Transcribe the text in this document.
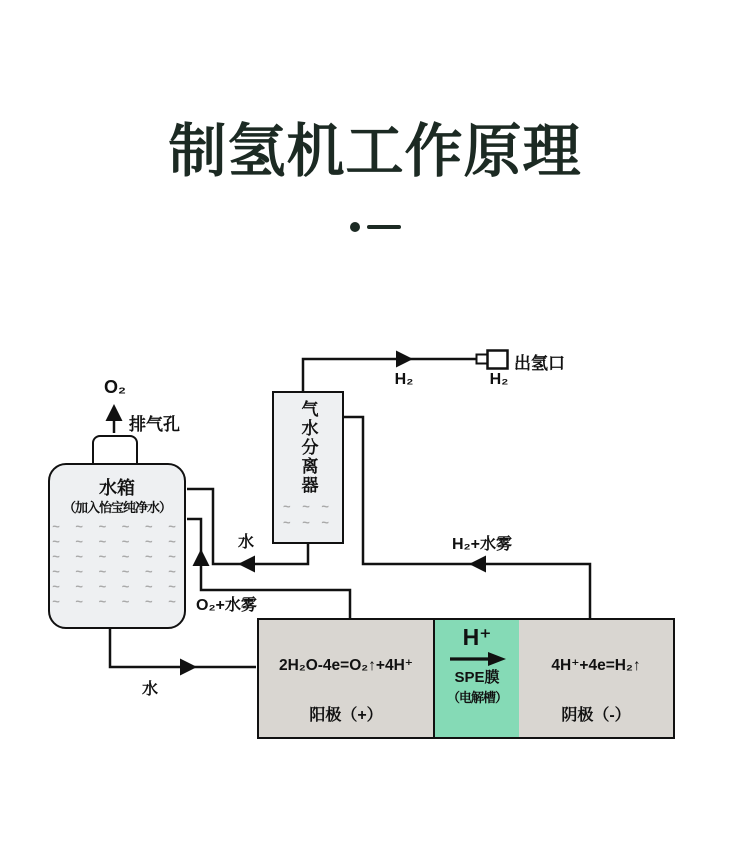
制氢机工作原理
O₂
排气孔
水箱
（加入怡宝纯净水）
~ ~ ~ ~ ~ ~
~ ~ ~ ~ ~ ~
~ ~ ~ ~ ~ ~
~ ~ ~ ~ ~ ~
~ ~ ~ ~ ~ ~
~ ~ ~ ~ ~ ~
气水分离器
~ ~ ~
~ ~ ~
2H₂O-4e=O₂↑+4H⁺
阳极（+）
H⁺
SPE膜
（电解槽）
4H⁺+4e=H₂↑
阴极（-）
H₂	H₂
出氢口
水	H₂+水雾
O₂+水雾
水
